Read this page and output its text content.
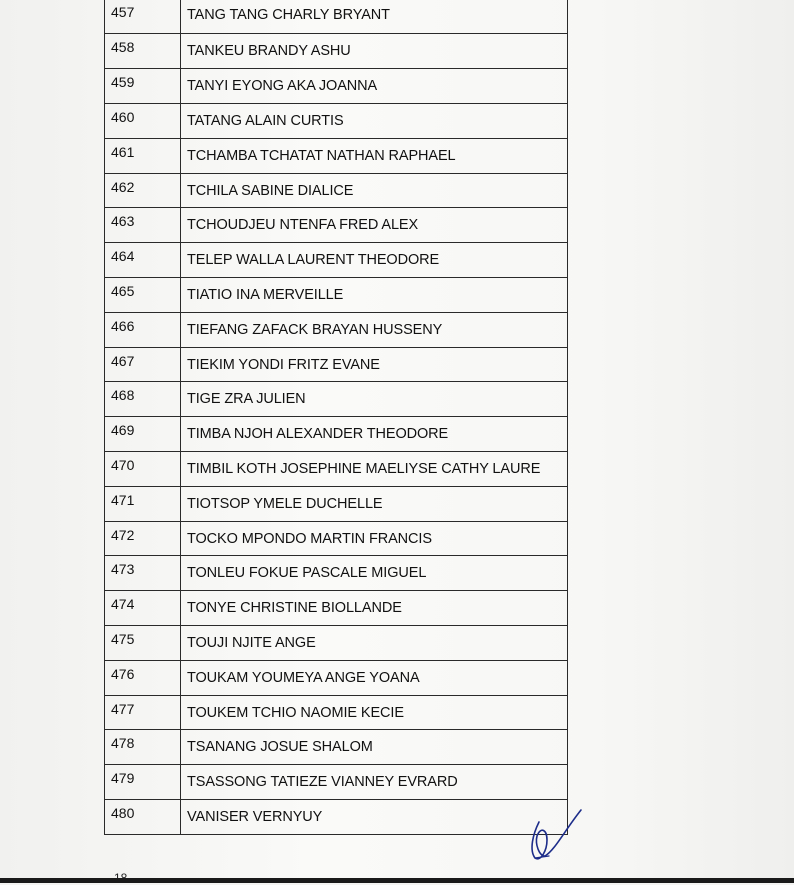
457	TANG TANG CHARLY BRYANT
458	TANKEU BRANDY ASHU
459	TANYI EYONG AKA JOANNA
460	TATANG ALAIN CURTIS
461	TCHAMBA TCHATAT NATHAN RAPHAEL
462	TCHILA SABINE DIALICE
463	TCHOUDJEU NTENFA FRED ALEX
464	TELEP WALLA LAURENT THEODORE
465	TIATIO INA MERVEILLE
466	TIEFANG ZAFACK BRAYAN HUSSENY
467	TIEKIM YONDI FRITZ EVANE
468	TIGE ZRA JULIEN
469	TIMBA NJOH ALEXANDER THEODORE
470	TIMBIL KOTH JOSEPHINE MAELIYSE CATHY LAURE
471	TIOTSOP YMELE DUCHELLE
472	TOCKO MPONDO MARTIN FRANCIS
473	TONLEU FOKUE PASCALE MIGUEL
474	TONYE CHRISTINE BIOLLANDE
475	TOUJI NJITE ANGE
476	TOUKAM YOUMEYA ANGE YOANA
477	TOUKEM TCHIO NAOMIE KECIE
478	TSANANG JOSUE SHALOM
479	TSASSONG TATIEZE VIANNEY EVRARD
480	VANISER VERNYUY
